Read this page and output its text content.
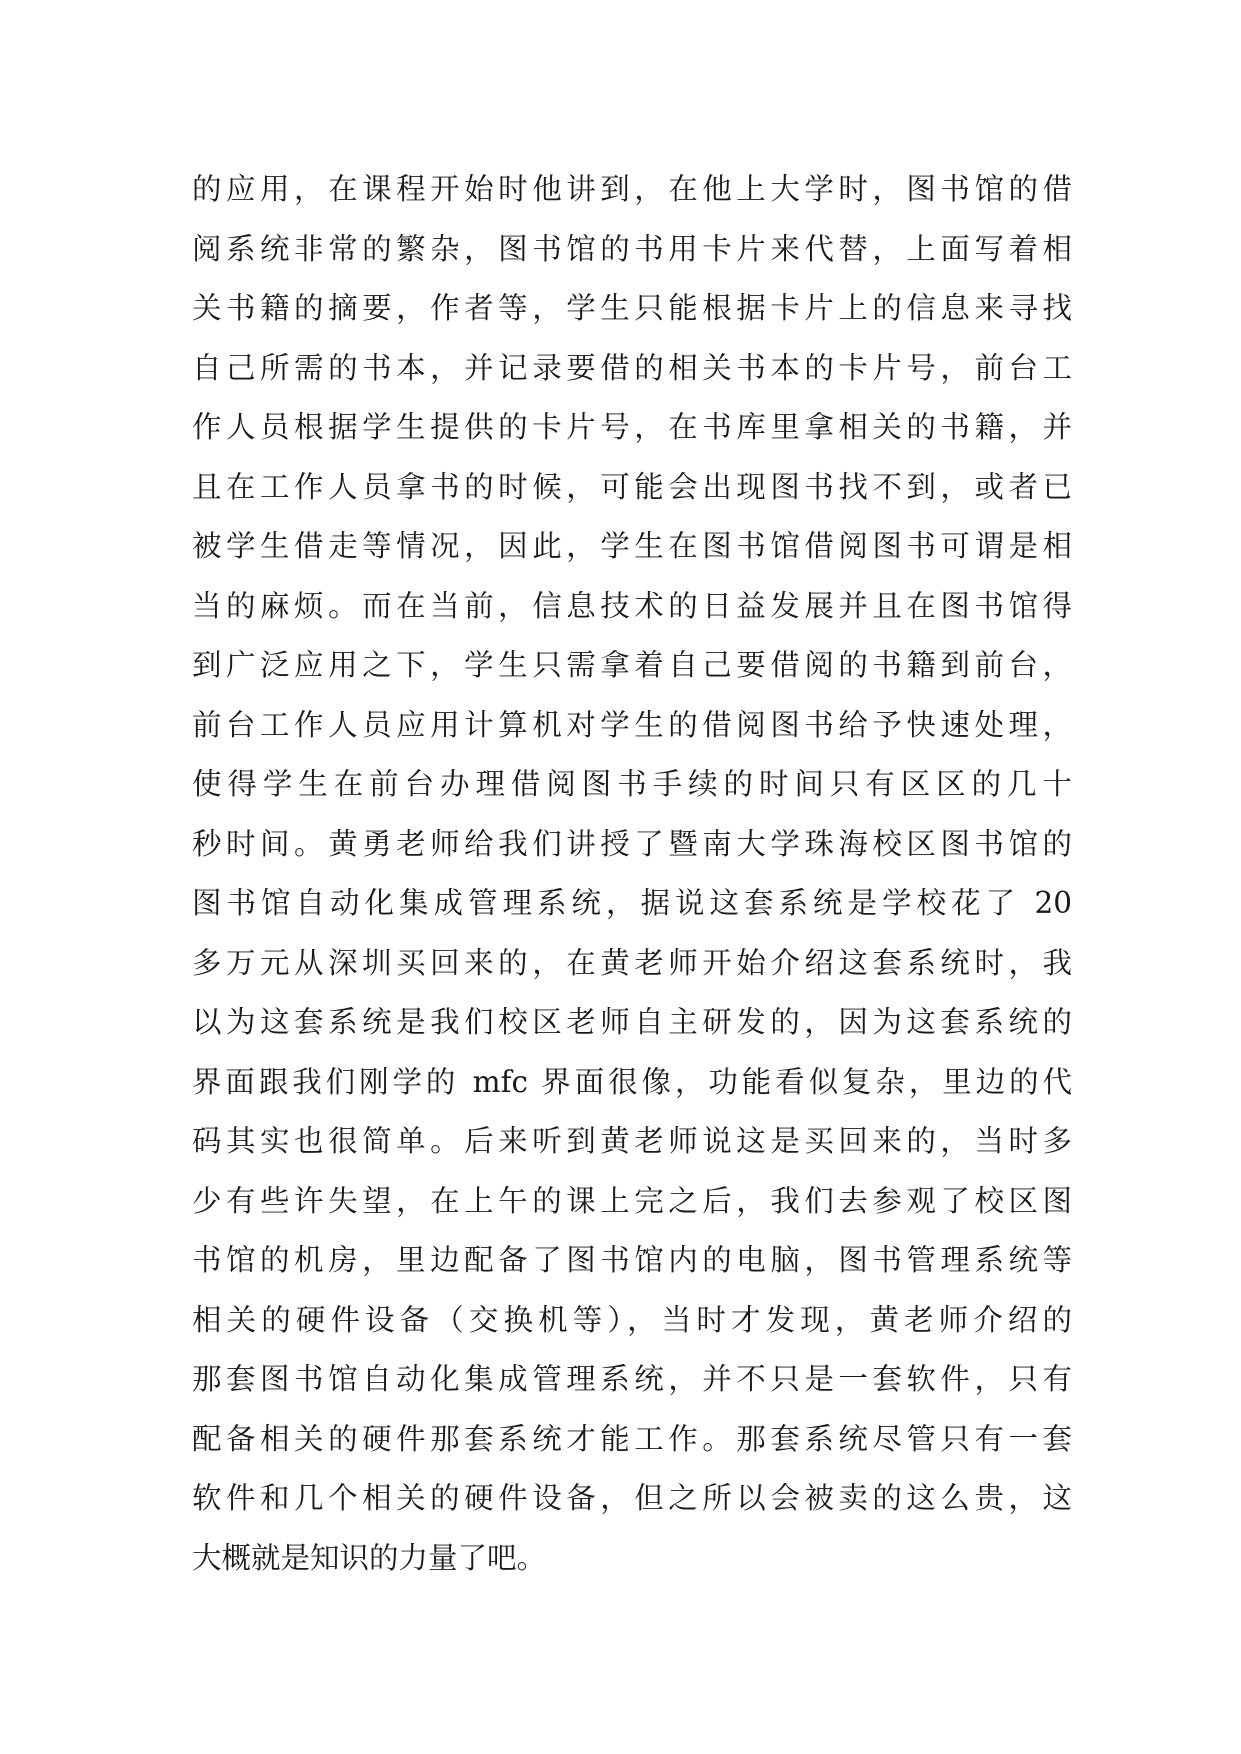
的应用，在课程开始时他讲到，在他上大学时，图书馆的借
阅系统非常的繁杂，图书馆的书用卡片来代替，上面写着相
关书籍的摘要，作者等，学生只能根据卡片上的信息来寻找
自己所需的书本，并记录要借的相关书本的卡片号，前台工
作人员根据学生提供的卡片号，在书库里拿相关的书籍，并
且在工作人员拿书的时候，可能会出现图书找不到，或者已
被学生借走等情况，因此，学生在图书馆借阅图书可谓是相
当的麻烦。而在当前，信息技术的日益发展并且在图书馆得
到广泛应用之下，学生只需拿着自己要借阅的书籍到前台，
前台工作人员应用计算机对学生的借阅图书给予快速处理，
使得学生在前台办理借阅图书手续的时间只有区区的几十
秒时间。黄勇老师给我们讲授了暨南大学珠海校区图书馆的
图书馆自动化集成管理系统，据说这套系统是学校花了 20
多万元从深圳买回来的，在黄老师开始介绍这套系统时，我
以为这套系统是我们校区老师自主研发的，因为这套系统的
界面跟我们刚学的 mfc 界面很像，功能看似复杂，里边的代
码其实也很简单。后来听到黄老师说这是买回来的，当时多
少有些许失望，在上午的课上完之后，我们去参观了校区图
书馆的机房，里边配备了图书馆内的电脑，图书管理系统等
相关的硬件设备（交换机等），当时才发现，黄老师介绍的
那套图书馆自动化集成管理系统，并不只是一套软件，只有
配备相关的硬件那套系统才能工作。那套系统尽管只有一套
软件和几个相关的硬件设备，但之所以会被卖的这么贵，这
大概就是知识的力量了吧。
